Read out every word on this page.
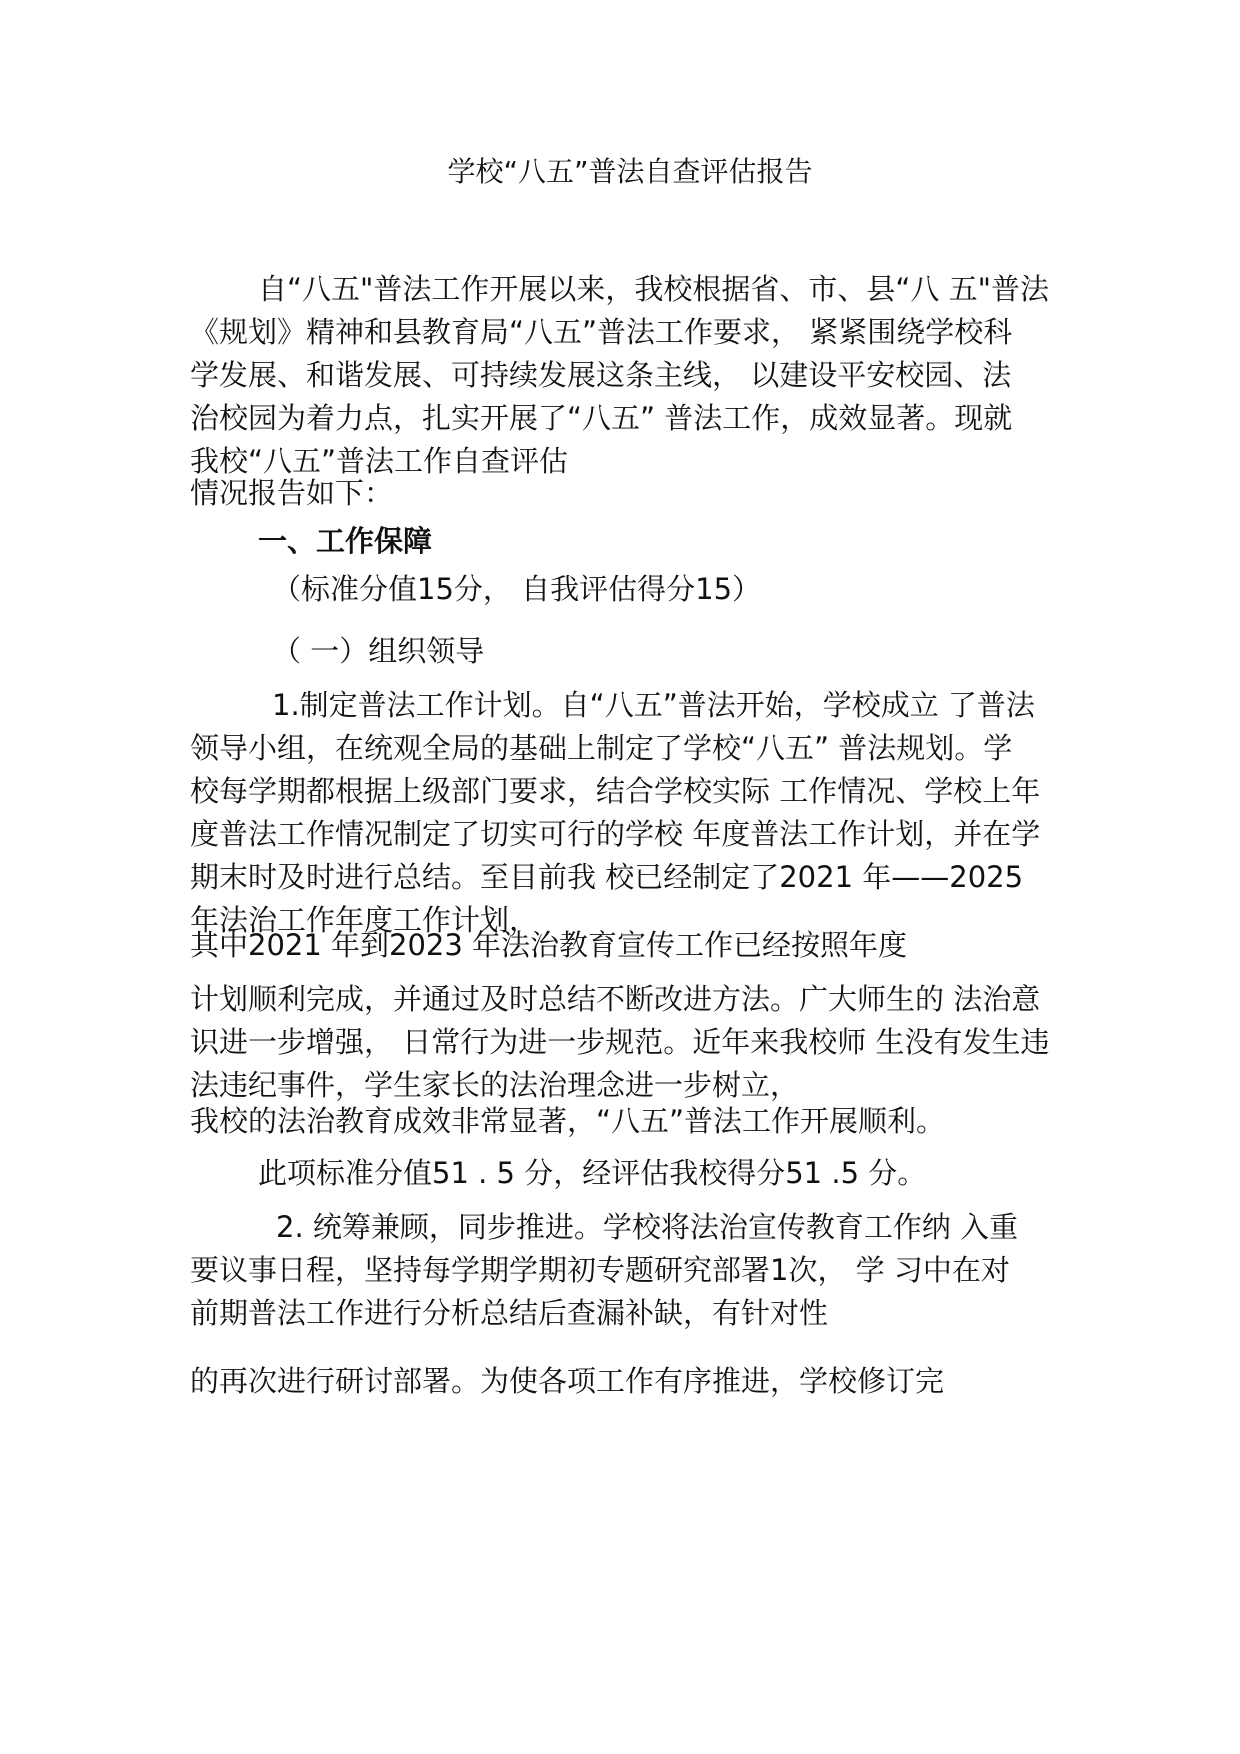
学校“八五”普法自查评估报告
自“八五"普法工作开展以来，我校根据省、市、县“八 五"普法
《规划》精神和县教育局“八五”普法工作要求， 紧紧围绕学校科
学发展、和谐发展、可持续发展这条主线， 以建设平安校园、法
治校园为着力点，扎实开展了“八五” 普法工作，成效显著。现就
我校“八五”普法工作自查评估
情况报告如下：
一、工作保障
（标准分值15分， 自我评估得分15）
（ 一）组织领导
1.制定普法工作计划。自“八五”普法开始，学校成立 了普法
领导小组，在统观全局的基础上制定了学校“八五” 普法规划。学
校每学期都根据上级部门要求，结合学校实际 工作情况、学校上年
度普法工作情况制定了切实可行的学校 年度普法工作计划，并在学
期末时及时进行总结。至目前我 校已经制定了2021 年——2025
年法治工作年度工作计划，
其中2021 年到2023 年法治教育宣传工作已经按照年度
计划顺利完成，并通过及时总结不断改进方法。广大师生的 法治意
识进一步增强， 日常行为进一步规范。近年来我校师 生没有发生违
法违纪事件，学生家长的法治理念进一步树立，
我校的法治教育成效非常显著，“八五”普法工作开展顺利。
此项标准分值51 . 5 分，经评估我校得分51 .5 分。
2. 统筹兼顾，同步推进。学校将法治宣传教育工作纳 入重
要议事日程，坚持每学期学期初专题研究部署1次， 学 习中在对
前期普法工作进行分析总结后查漏补缺，有针对性
的再次进行研讨部署。为使各项工作有序推进，学校修订完
